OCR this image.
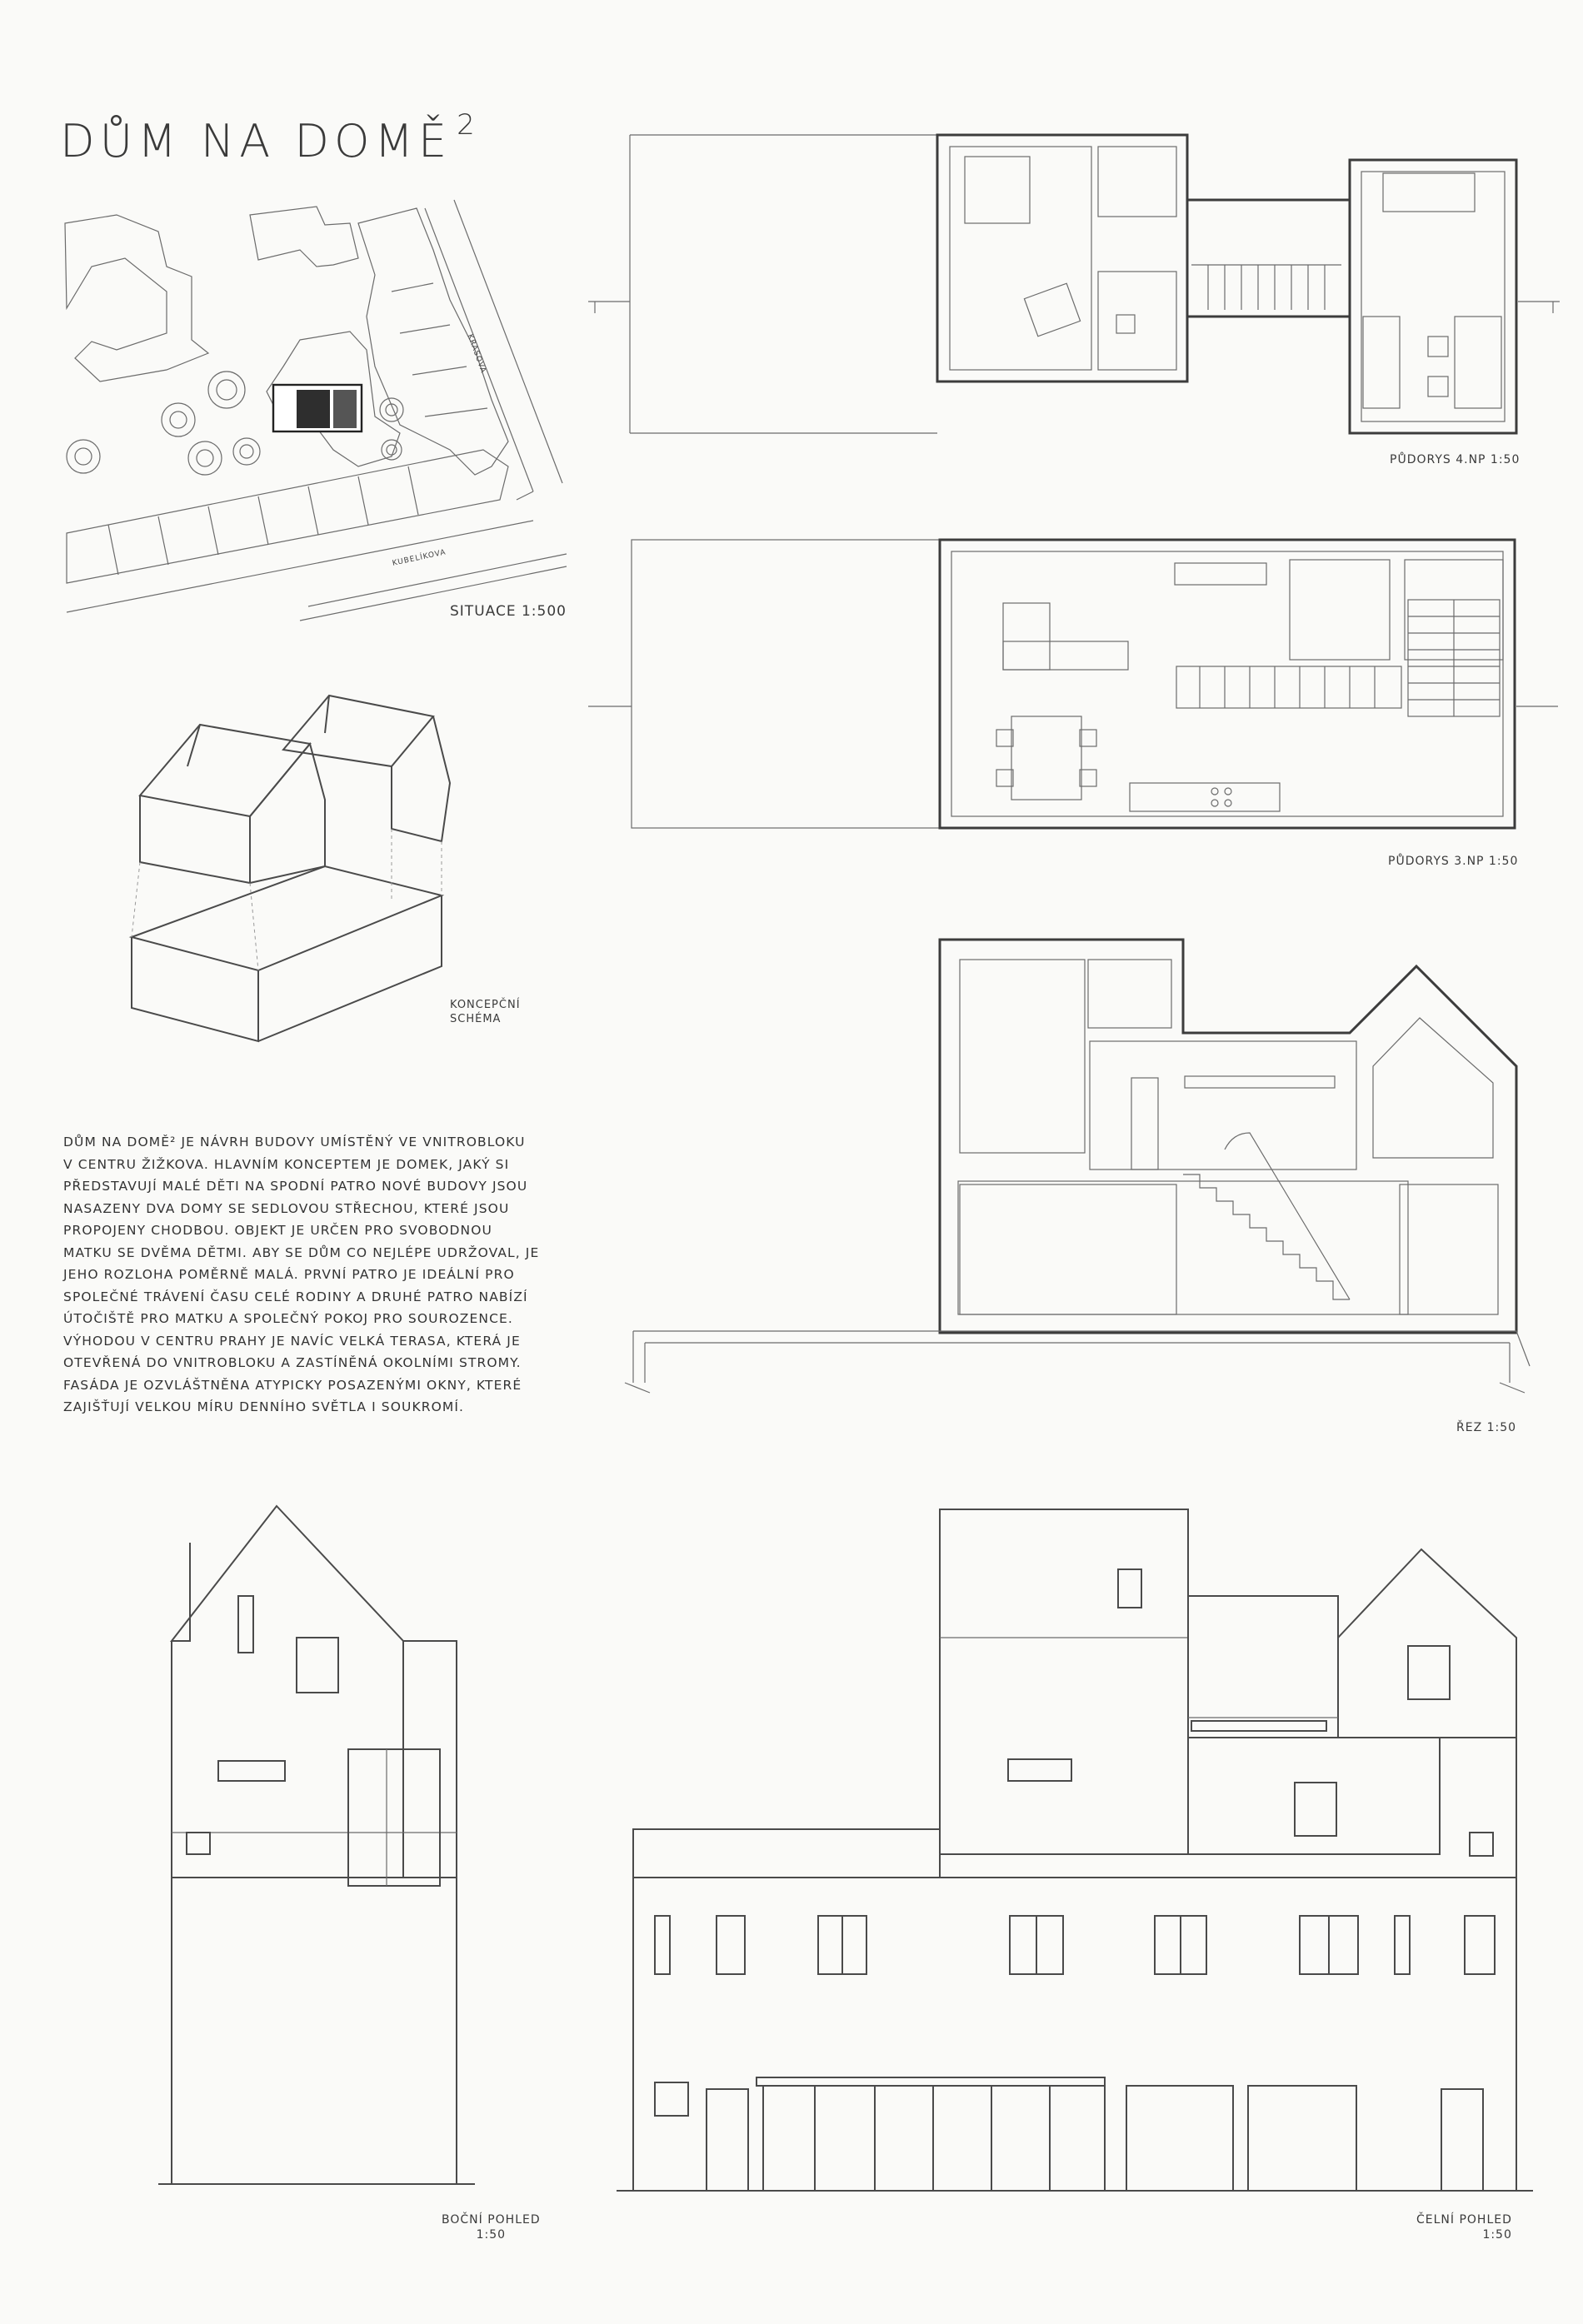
DŮM NA DOMĚ $^2$
KRASOVA
KUBELÍKOVA
SITUACE 1:500
KONCEPČNÍ
SCHÉMA
PŮDORYS 4.NP 1:50
PŮDORYS 3.NP 1:50
ŘEZ 1:50
BOČNÍ POHLED
1:50
ČELNÍ POHLED
1:50

DŮM NA DOMĚ² JE NÁVRH BUDOVY UMÍSTĚNÝ VE VNITROBLOKU

V CENTRU ŽIŽKOVA. HLAVNÍM KONCEPTEM JE DOMEK, JAKÝ SI

PŘEDSTAVUJÍ MALÉ DĚTI NA SPODNÍ PATRO NOVÉ BUDOVY JSOU

NASAZENY DVA DOMY SE SEDLOVOU STŘECHOU, KTERÉ JSOU

PROPOJENY CHODBOU. OBJEKT JE URČEN PRO SVOBODNOU

MATKU SE DVĚMA DĚTMI. ABY SE DŮM CO NEJLÉPE UDRŽOVAL, JE

JEHO ROZLOHA POMĚRNĚ MALÁ. PRVNÍ PATRO JE IDEÁLNÍ PRO

SPOLEČNÉ TRÁVENÍ ČASU CELÉ RODINY A DRUHÉ PATRO NABÍZÍ

ÚTOČIŠTĚ PRO MATKU A SPOLEČNÝ POKOJ PRO SOUROZENCE.

VÝHODOU V CENTRU PRAHY JE NAVÍC VELKÁ TERASA, KTERÁ JE

OTEVŘENÁ DO VNITROBLOKU A ZASTÍNĚNÁ OKOLNÍMI STROMY.

FASÁDA JE OZVLÁŠTNĚNA ATYPICKY POSAZENÝMI OKNY, KTERÉ

ZAJIŠŤUJÍ VELKOU MÍRU DENNÍHO SVĚTLA I SOUKROMÍ.
